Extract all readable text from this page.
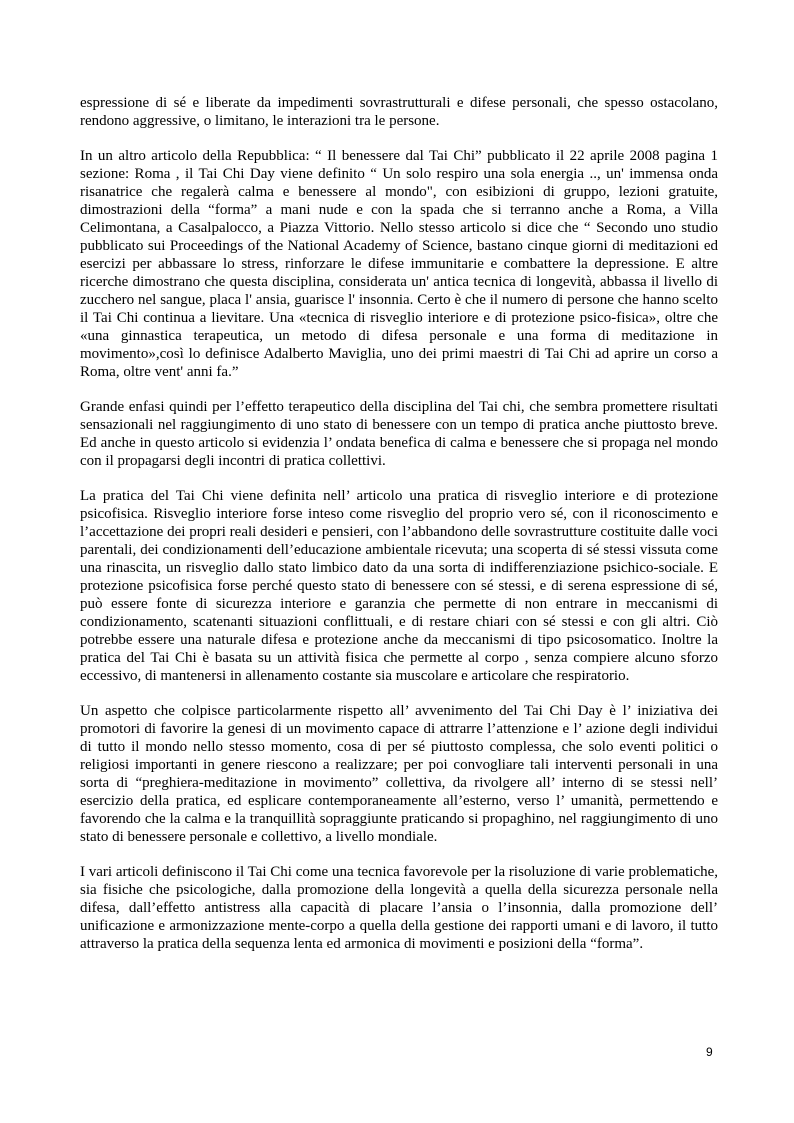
espressione di sé e liberate da impedimenti sovrastrutturali e difese personali, che spesso ostacolano, rendono aggressive, o limitano, le interazioni tra le persone.

In un altro articolo della Repubblica: “ Il benessere dal Tai Chi” pubblicato il 22 aprile 2008 pagina 1 sezione: Roma , il Tai Chi Day viene definito “ Un solo respiro una sola energia .., un' immensa onda risanatrice che regalerà calma e benessere al mondo", con esibizioni di gruppo, lezioni gratuite, dimostrazioni della “forma” a mani nude e con la spada che si terranno anche a Roma, a Villa Celimontana, a Casalpalocco, a Piazza Vittorio. Nello stesso articolo si dice che “ Secondo uno studio pubblicato sui Proceedings of the National Academy of Science, bastano cinque giorni di meditazioni ed esercizi per abbassare lo stress, rinforzare le difese immunitarie e combattere la depressione. E altre ricerche dimostrano che questa disciplina, considerata un' antica tecnica di longevità, abbassa il livello di zucchero nel sangue, placa l' ansia, guarisce l' insonnia. Certo è che il numero di persone che hanno scelto il Tai Chi continua a lievitare. Una «tecnica di risveglio interiore e di protezione psico-fisica», oltre che «una ginnastica terapeutica, un metodo di difesa personale e una forma di meditazione in movimento»,così lo definisce Adalberto Maviglia, uno dei primi maestri di Tai Chi ad aprire un corso a Roma, oltre vent' anni fa.”

Grande enfasi quindi per l’effetto terapeutico della disciplina del Tai chi, che sembra promettere risultati sensazionali nel raggiungimento di uno stato di benessere con un tempo di pratica anche piuttosto breve. Ed anche in questo articolo si evidenzia l’ ondata benefica di calma e benessere che si propaga nel mondo con il propagarsi degli incontri di pratica collettivi.

La pratica del Tai Chi viene definita nell’ articolo una pratica di risveglio interiore e di protezione psicofisica. Risveglio interiore forse inteso come risveglio del proprio vero sé, con il riconoscimento e l’accettazione dei propri reali desideri e pensieri, con l’abbandono delle sovrastrutture costituite dalle voci parentali, dei condizionamenti dell’educazione ambientale ricevuta; una scoperta di sé stessi vissuta come una rinascita, un risveglio dallo stato limbico dato da una sorta di indifferenziazione psichico-sociale. E protezione psicofisica forse perché questo stato di benessere con sé stessi, e di serena espressione di sé, può essere fonte di sicurezza interiore e garanzia che permette di non entrare in meccanismi di condizionamento, scatenanti situazioni conflittuali, e di restare chiari con sé stessi e con gli altri. Ciò potrebbe essere una naturale difesa e protezione anche da meccanismi di tipo psicosomatico. Inoltre la pratica del Tai Chi è basata su un attività fisica che permette al corpo , senza compiere alcuno sforzo eccessivo, di mantenersi in allenamento costante sia muscolare e articolare che respiratorio.

Un aspetto che colpisce particolarmente rispetto all’ avvenimento del Tai Chi Day è l’ iniziativa dei promotori di favorire la genesi di un movimento capace di attrarre l’attenzione e l’ azione degli individui di tutto il mondo nello stesso momento, cosa di per sé piuttosto complessa, che solo eventi politici o religiosi importanti in genere riescono a realizzare; per poi convogliare tali interventi personali in una sorta di “preghiera-meditazione in movimento” collettiva, da rivolgere all’ interno di se stessi nell’ esercizio della pratica, ed esplicare contemporaneamente all’esterno, verso l’ umanità, permettendo e favorendo che la calma e la tranquillità sopraggiunte praticando si propaghino, nel raggiungimento di uno stato di benessere personale e collettivo, a livello mondiale.

I vari articoli definiscono il Tai Chi come una tecnica favorevole per la risoluzione di varie problematiche, sia fisiche che psicologiche, dalla promozione della longevità a quella della sicurezza personale nella difesa, dall’effetto antistress alla capacità di placare l’ansia o l’insonnia, dalla promozione dell’ unificazione e armonizzazione mente-corpo a quella della gestione dei rapporti umani e di lavoro, il tutto attraverso la pratica della sequenza lenta ed armonica di movimenti e posizioni della “forma”.

9
